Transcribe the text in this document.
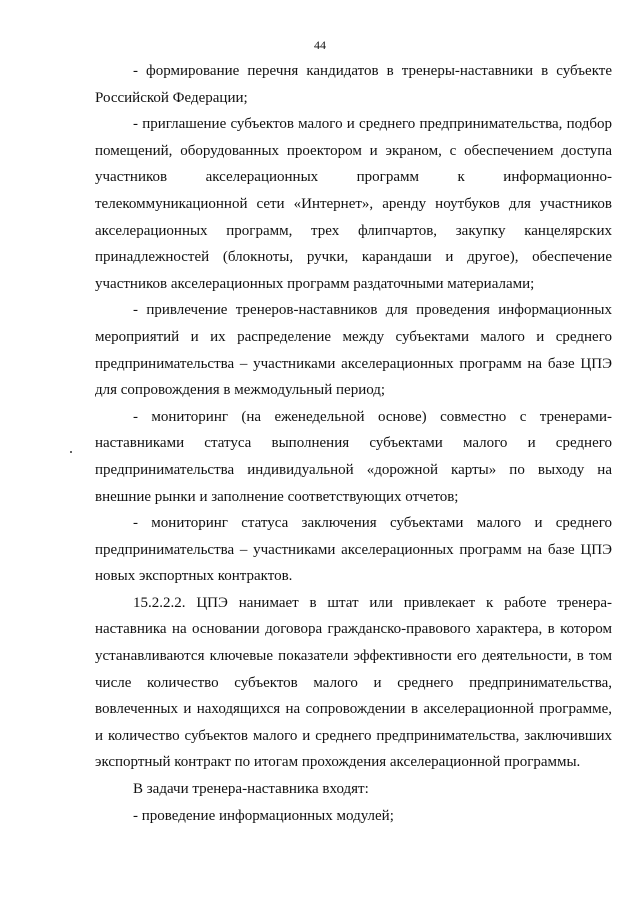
44

- формирование перечня кандидатов в тренеры-наставники в субъекте Российской Федерации;

- приглашение субъектов малого и среднего предпринимательства, подбор помещений, оборудованных проектором и экраном, с обеспечением доступа участников акселерационных программ к информационно-телекоммуникационной сети «Интернет», аренду ноутбуков для участников акселерационных программ, трех флипчартов, закупку канцелярских принадлежностей (блокноты, ручки, карандаши и другое), обеспечение участников акселерационных программ раздаточными материалами;

- привлечение тренеров-наставников для проведения информационных мероприятий и их распределение между субъектами малого и среднего предпринимательства – участниками акселерационных программ на базе ЦПЭ для сопровождения в межмодульный период;

- мониторинг (на еженедельной основе) совместно с тренерами-наставниками статуса выполнения субъектами малого и среднего предпринимательства индивидуальной «дорожной карты» по выходу на внешние рынки и заполнение соответствующих отчетов;

- мониторинг статуса заключения субъектами малого и среднего предпринимательства – участниками акселерационных программ на базе ЦПЭ новых экспортных контрактов.

15.2.2.2. ЦПЭ нанимает в штат или привлекает к работе тренера-наставника на основании договора гражданско-правового характера, в котором устанавливаются ключевые показатели эффективности его деятельности, в том числе количество субъектов малого и среднего предпринимательства, вовлеченных и находящихся на сопровождении в акселерационной программе, и количество субъектов малого и среднего предпринимательства, заключивших экспортный контракт по итогам прохождения акселерационной программы.

В задачи тренера-наставника входят:

- проведение информационных модулей;
